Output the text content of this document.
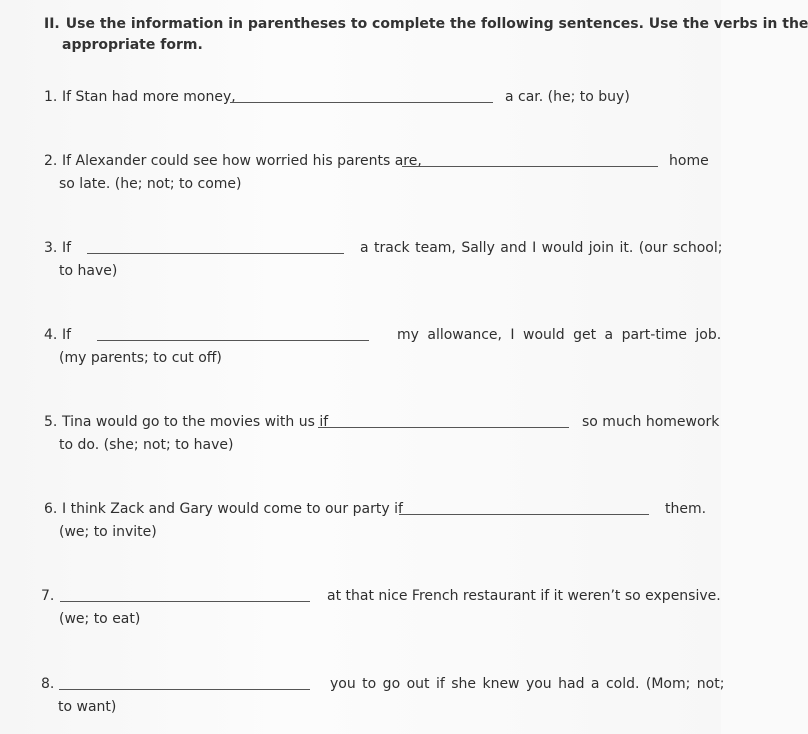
II. Use the information in parentheses to complete the following sentences. Use the verbs in the
appropriate form.
1. If Stan had more money,	a car. (he; to buy)
2. If Alexander could see how worried his parents are,	home
so late. (he; not; to come)
3. If	a track team, Sally and I would join it. (our school;
to have)
4. If	my allowance, I would get a part-time job.
(my parents; to cut off)
5. Tina would go to the movies with us if	so much homework
to do. (she; not; to have)
6. I think Zack and Gary would come to our party if	them.
(we; to invite)
7.	at that nice French restaurant if it weren’t so expensive.
(we; to eat)
8.	you to go out if she knew you had a cold. (Mom; not;
to want)
